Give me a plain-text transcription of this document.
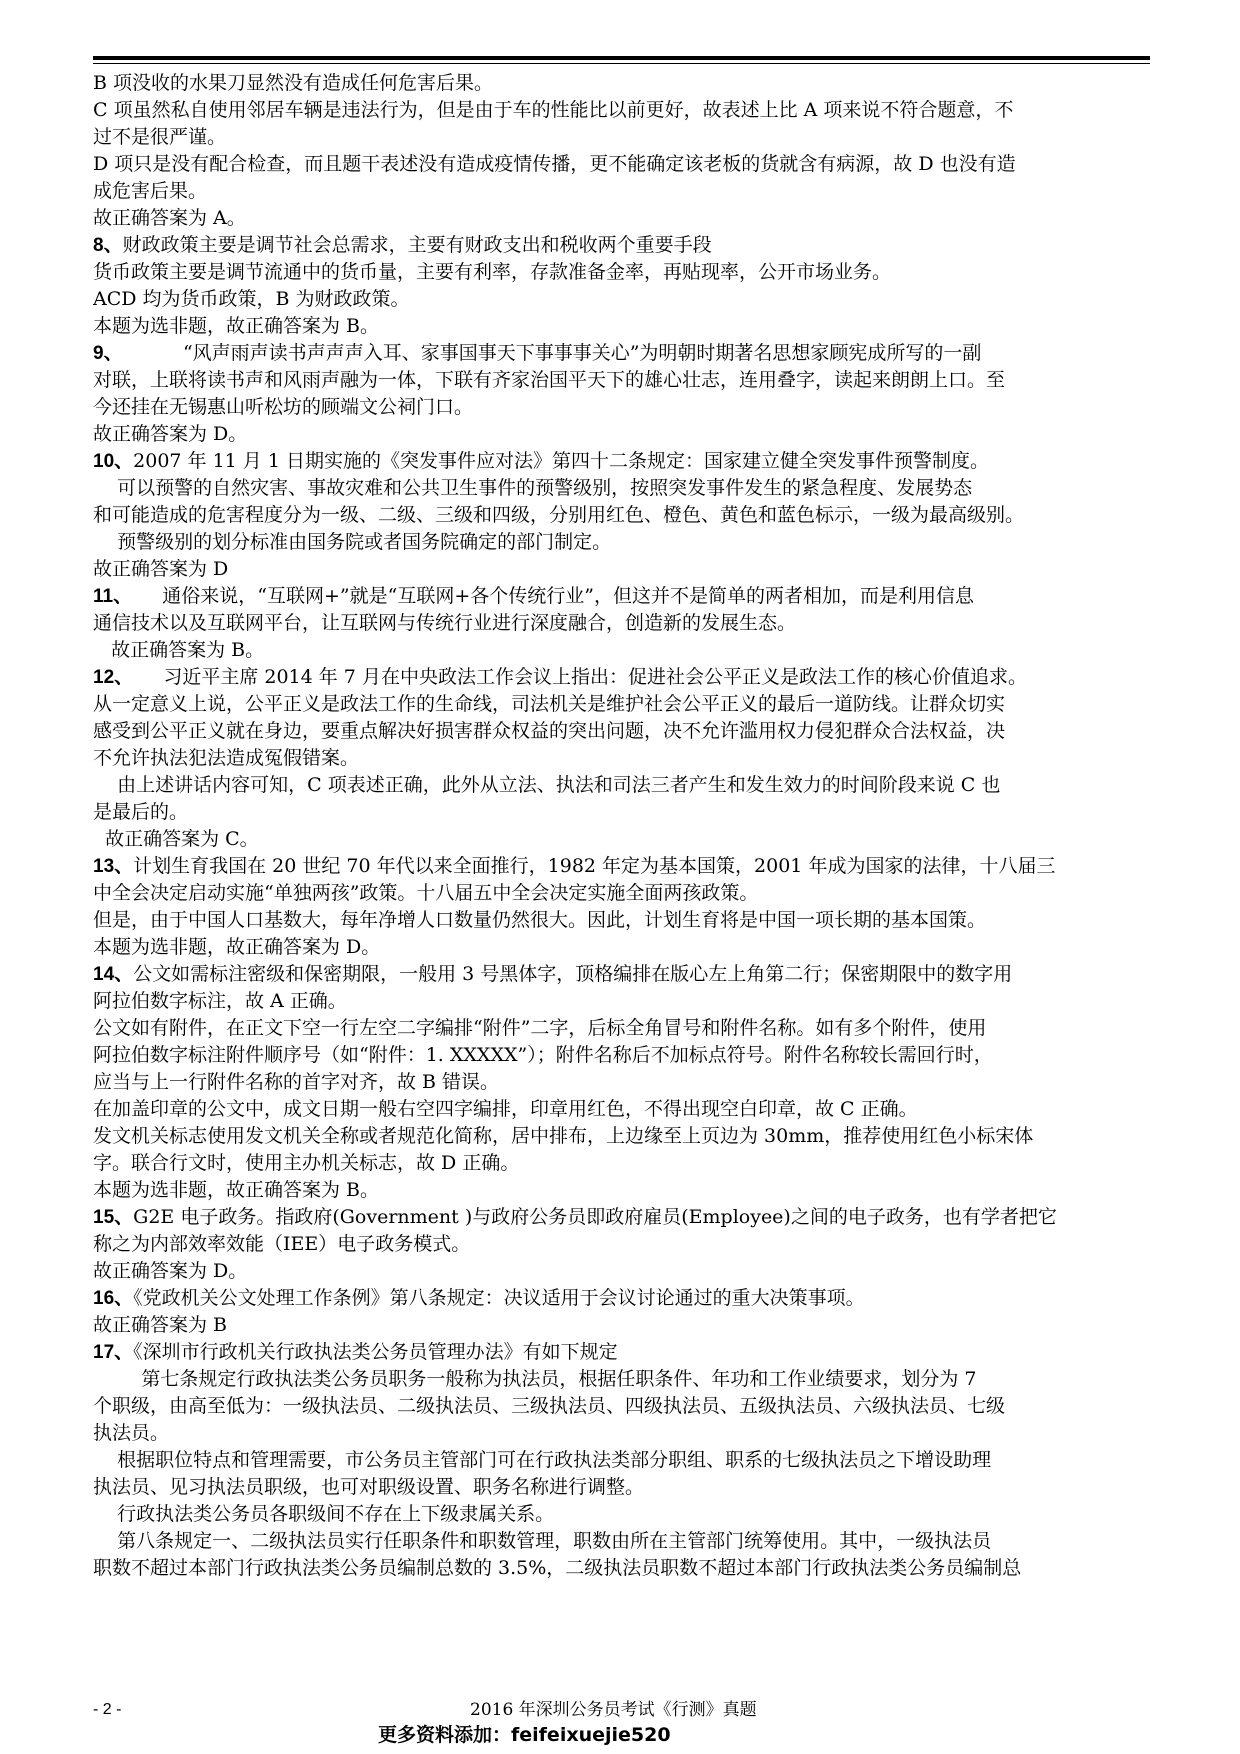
B 项没收的水果刀显然没有造成任何危害后果。
C 项虽然私自使用邻居车辆是违法行为，但是由于车的性能比以前更好，故表述上比 A 项来说不符合题意，不
过不是很严谨。
D 项只是没有配合检查，而且题干表述没有造成疫情传播，更不能确定该老板的货就含有病源，故 D 也没有造
成危害后果。
故正确答案为 A。
8、财政政策主要是调节社会总需求，主要有财政支出和税收两个重要手段
货币政策主要是调节流通中的货币量，主要有利率，存款准备金率，再贴现率，公开市场业务。
ACD 均为货币政策，B 为财政政策。
本题为选非题，故正确答案为 B。
9、          “风声雨声读书声声声入耳、家事国事天下事事事关心”为明朝时期著名思想家顾宪成所写的一副
对联，上联将读书声和风雨声融为一体，下联有齐家治国平天下的雄心壮志，连用叠字，读起来朗朗上口。至
今还挂在无锡惠山听松坊的顾端文公祠门口。
故正确答案为 D。
10、2007 年 11 月 1 日期实施的《突发事件应对法》第四十二条规定：国家建立健全突发事件预警制度。
可以预警的自然灾害、事故灾难和公共卫生事件的预警级别，按照突发事件发生的紧急程度、发展势态
和可能造成的危害程度分为一级、二级、三级和四级，分别用红色、橙色、黄色和蓝色标示，一级为最高级别。
预警级别的划分标准由国务院或者国务院确定的部门制定。
故正确答案为 D
11、     通俗来说，“互联网+”就是“互联网+各个传统行业”，但这并不是简单的两者相加，而是利用信息
通信技术以及互联网平台，让互联网与传统行业进行深度融合，创造新的发展生态。
故正确答案为 B。
12、     习近平主席 2014 年 7 月在中央政法工作会议上指出：促进社会公平正义是政法工作的核心价值追求。
从一定意义上说，公平正义是政法工作的生命线，司法机关是维护社会公平正义的最后一道防线。让群众切实
感受到公平正义就在身边，要重点解决好损害群众权益的突出问题，决不允许滥用权力侵犯群众合法权益，决
不允许执法犯法造成冤假错案。
由上述讲话内容可知，C 项表述正确，此外从立法、执法和司法三者产生和发生效力的时间阶段来说 C 也
是最后的。
故正确答案为 C。
13、计划生育我国在 20 世纪 70 年代以来全面推行，1982 年定为基本国策，2001 年成为国家的法律，十八届三
中全会决定启动实施“单独两孩”政策。十八届五中全会决定实施全面两孩政策。
但是，由于中国人口基数大，每年净增人口数量仍然很大。因此，计划生育将是中国一项长期的基本国策。
本题为选非题，故正确答案为 D。
14、公文如需标注密级和保密期限，一般用 3 号黑体字，顶格编排在版心左上角第二行；保密期限中的数字用
阿拉伯数字标注，故 A 正确。
公文如有附件，在正文下空一行左空二字编排“附件”二字，后标全角冒号和附件名称。如有多个附件，使用
阿拉伯数字标注附件顺序号（如“附件：1. XXXXX”）；附件名称后不加标点符号。附件名称较长需回行时，
应当与上一行附件名称的首字对齐，故 B 错误。
在加盖印章的公文中，成文日期一般右空四字编排，印章用红色，不得出现空白印章，故 C 正确。
发文机关标志使用发文机关全称或者规范化简称，居中排布，上边缘至上页边为 30mm，推荐使用红色小标宋体
字。联合行文时，使用主办机关标志，故 D 正确。
本题为选非题，故正确答案为 B。
15、G2E 电子政务。指政府(Government )与政府公务员即政府雇员(Employee)之间的电子政务，也有学者把它
称之为内部效率效能（IEE）电子政务模式。
故正确答案为 D。
16、《党政机关公文处理工作条例》第八条规定：决议适用于会议讨论通过的重大决策事项。
故正确答案为 B
17、《深圳市行政机关行政执法类公务员管理办法》有如下规定
第七条规定行政执法类公务员职务一般称为执法员，根据任职条件、年功和工作业绩要求，划分为 7
个职级，由高至低为：一级执法员、二级执法员、三级执法员、四级执法员、五级执法员、六级执法员、七级
执法员。
根据职位特点和管理需要，市公务员主管部门可在行政执法类部分职组、职系的七级执法员之下增设助理
执法员、见习执法员职级，也可对职级设置、职务名称进行调整。
行政执法类公务员各职级间不存在上下级隶属关系。
第八条规定一、二级执法员实行任职条件和职数管理，职数由所在主管部门统筹使用。其中，一级执法员
职数不超过本部门行政执法类公务员编制总数的 3.5%，二级执法员职数不超过本部门行政执法类公务员编制总
- 2 -	2016 年深圳公务员考试《行测》真题
更多资料添加：feifeixuejie520
